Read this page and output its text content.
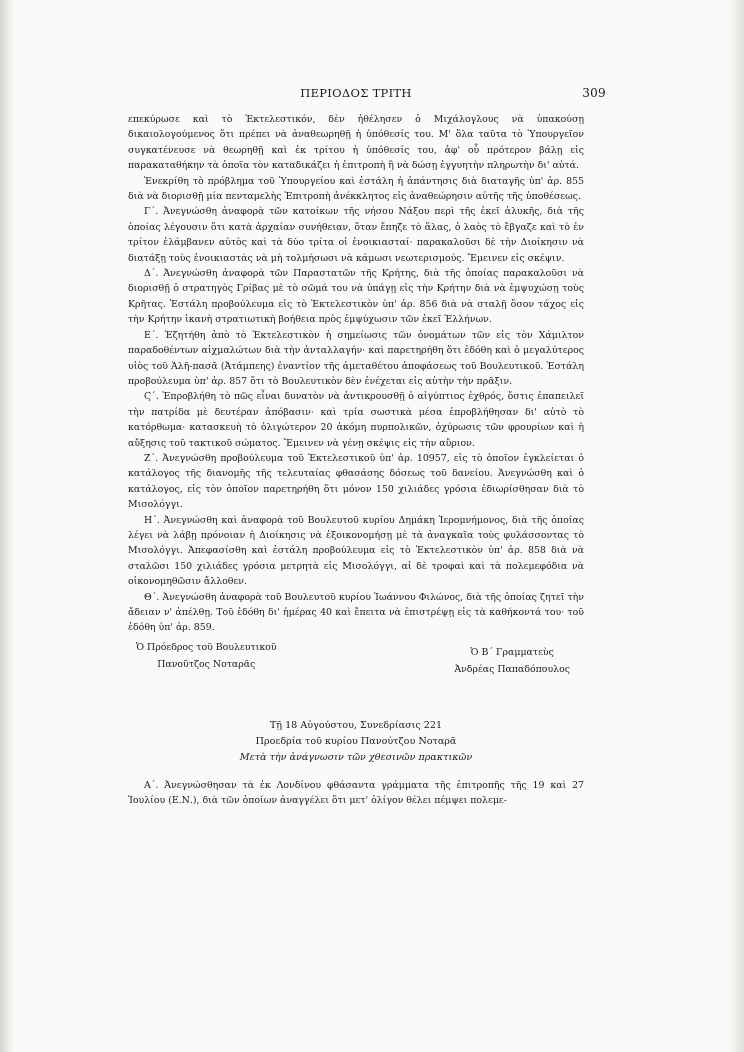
ΠΕΡΙΟΔΟΣ ΤΡΙΤΗ	309

επεκύρωσε καὶ τὸ Ἐκτελεστικόν, δὲν ἠθέλησεν ὁ Μιχάλογλους νὰ ὑπακούσῃ δικαιολογούμενος ὅτι πρέπει νὰ ἀναθεωρηθῇ ἡ ὑπόθεσίς του. Μ' ὅλα ταῦτα τὸ Ὑπουργεῖον συγκατένευσε νὰ θεωρηθῇ καὶ ἐκ τρίτου ἡ ὑπόθεσίς του, ἀφ' οὗ πρότερον βάλῃ εἰς παρακαταθήκην τὰ ὁποῖα τὸν καταδικάζει ἡ ἐπιτροπὴ ἢ νὰ δώσῃ ἐγγυητὴν πληρωτὴν δι' αὐτά.

Ἐνεκρίθη τὸ πρόβλημα τοῦ Ὑπουργείου καὶ ἐστάλη ἡ ἀπάντησις διὰ διαταγῆς ὑπ' ἀρ. 855 διὰ νὰ διορισθῇ μία πενταμελὴς Ἐπιτροπὴ ἀνέκκλητος εἰς ἀναθεώρησιν αὐτῆς τῆς ὑποθέσεως.

Γ΄. Ἀνεγνώσθη ἀναφορὰ τῶν κατοίκων τῆς νήσου Νάξου περὶ τῆς ἐκεῖ ἁλυκῆς, διὰ τῆς ὁποίας λέγουσιν ὅτι κατὰ ἀρχαίαν συνήθειαν, ὅταν ἔπηζε τὸ ἅλας, ὁ λαὸς τὸ ἔβγαζε καὶ τὸ ἐν τρίτον ἐλάμβανεν αὐτὸς καὶ τὰ δύο τρίτα οἱ ἐνοικιασταί· παρακαλοῦσι δὲ τὴν Διοίκησιν νὰ διατάξῃ τοὺς ἐνοικιαστὰς νὰ μὴ τολμήσωσι νὰ κάμωσι νεωτερισμούς. Ἔμεινεν εἰς σκέψιν.

Δ΄. Ἀνεγνώσθη ἀναφορὰ τῶν Παραστατῶν τῆς Κρήτης, διὰ τῆς ὁποίας παρακαλοῦσι νὰ διορισθῇ ὁ στρατηγὸς Γρίβας μὲ τὸ σῶμά του νὰ ὑπάγῃ εἰς τὴν Κρήτην διὰ νὰ ἐμψυχώσῃ τοὺς Κρῆτας. Ἐστάλη προβούλευμα εἰς τὸ Ἐκτελεστικὸν ὑπ' ἀρ. 856 διὰ νὰ σταλῇ ὅσον τάχος εἰς τὴν Κρήτην ἱκανὴ στρατιωτικὴ βοήθεια πρὸς ἐμψύχωσιν τῶν ἐκεῖ Ἑλλήνων.

Ε΄. Ἐζητήθη ἀπὸ τὸ Ἐκτελεστικὸν ἡ σημείωσις τῶν ὀνομάτων τῶν εἰς τὸν Χάμιλτον παραδοθέντων αἰχμαλώτων διὰ τὴν ἀνταλλαγήν· καὶ παρετηρήθη ὅτι ἐδόθη καὶ ὁ μεγαλύτερος υἱὸς τοῦ Ἀλῆ-πασᾶ (Ἀτάμπεης) ἐναντίον τῆς ἀμεταθέτου ἀποφάσεως τοῦ Βουλευτικοῦ. Ἐστάλη προβούλευμα ὑπ' ἀρ. 857 ὅτι τὸ Βουλευτικὸν δὲν ἐνέχεται εἰς αὐτὴν τὴν πρᾶξιν.

Ϛ΄. Ἐπροβλήθη τὸ πῶς εἶναι δυνατὸν νὰ ἀντικρουσθῇ ὁ αἰγύπτιος ἐχθρός, ὅστις ἐπαπειλεῖ τὴν πατρίδα μὲ δευτέραν ἀπόβασιν· καὶ τρία σωστικὰ μέσα ἐπροβλήθησαν δι' αὐτὸ τὸ κατόρθωμα· κατασκευὴ τὸ ὀλιγώτερον 20 ἀκόμη πυρπολικῶν, ὀχύρωσις τῶν φρουρίων καὶ ἡ αὔξησις τοῦ τακτικοῦ σώματος. Ἔμεινεν νὰ γένῃ σκέψις εἰς τὴν αὔριον.

Ζ΄. Ἀνεγνώσθη προβούλευμα τοῦ Ἐκτελεστικοῦ ὑπ' ἀρ. 10957, εἰς τὸ ὁποῖον ἐγκλείεται ὁ κατάλογος τῆς διανομῆς τῆς τελευταίας φθασάσης δόσεως τοῦ δανείου. Ἀνεγνώσθη καὶ ὁ κατάλογος, εἰς τὸν ὁποῖον παρετηρήθη ὅτι μόνον 150 χιλιάδες γρόσια ἐδιωρίσθησαν διὰ τὸ Μισολόγγι.

Η΄. Ἀνεγνώσθη καὶ ἀναφορὰ τοῦ Βουλευτοῦ κυρίου Δημάκη Ἱερομνήμονος, διὰ τῆς ὁποίας λέγει νὰ λάβῃ πρόνοιαν ἡ Διοίκησις νὰ ἐξοικονομήσῃ μὲ τὰ ἀναγκαῖα τοὺς φυλάσσοντας τὸ Μισολόγγι. Ἀπεφασίσθη καὶ ἐστάλη προβούλευμα εἰς τὸ Ἐκτελεστικὸν ὑπ' ἀρ. 858 διὰ νὰ σταλῶσι 150 χιλιάδες γρόσια μετρητὰ εἰς Μισολόγγι, αἱ δὲ τροφαὶ καὶ τὰ πολεμεφόδια νὰ οἰκονομηθῶσιν ἄλλοθεν.

Θ΄. Ἀνεγνώσθη ἀναφορὰ τοῦ Βουλευτοῦ κυρίου Ἰωάννου Φιλώνος, διὰ τῆς ὁποίας ζητεῖ τὴν ἄδειαν ν' ἀπέλθῃ. Τοῦ ἐδόθη δι' ἡμέρας 40 καὶ ἔπειτα νὰ ἐπιστρέψῃ εἰς τὰ καθήκοντά του· τοῦ ἐδόθη ὑπ' ἀρ. 859.

Ὁ Πρόεδρος τοῦ Βουλευτικοῦ
Πανοῦτζος Νοταρᾶς
Ὁ Β΄ Γραμματεὺς
Ἀνδρέας Παπαδόπουλος
Τῇ 18 Αὐγούστου, Συνεδρίασις 221
Προεδρία τοῦ κυρίου Πανούτζου Νοταρᾶ
Μετὰ τὴν ἀνάγνωσιν τῶν χθεσινῶν πρακτικῶν

Α΄. Ἀνεγνώσθησαν τὰ ἐκ Λονδίνου φθάσαντα γράμματα τῆς ἐπιτροπῆς τῆς 19 καὶ 27 Ἰουλίου (Ε.Ν.), διὰ τῶν ὁποίων ἀναγγέλει ὅτι μετ' ὀλίγον θέλει πέμψει πολεμε-
